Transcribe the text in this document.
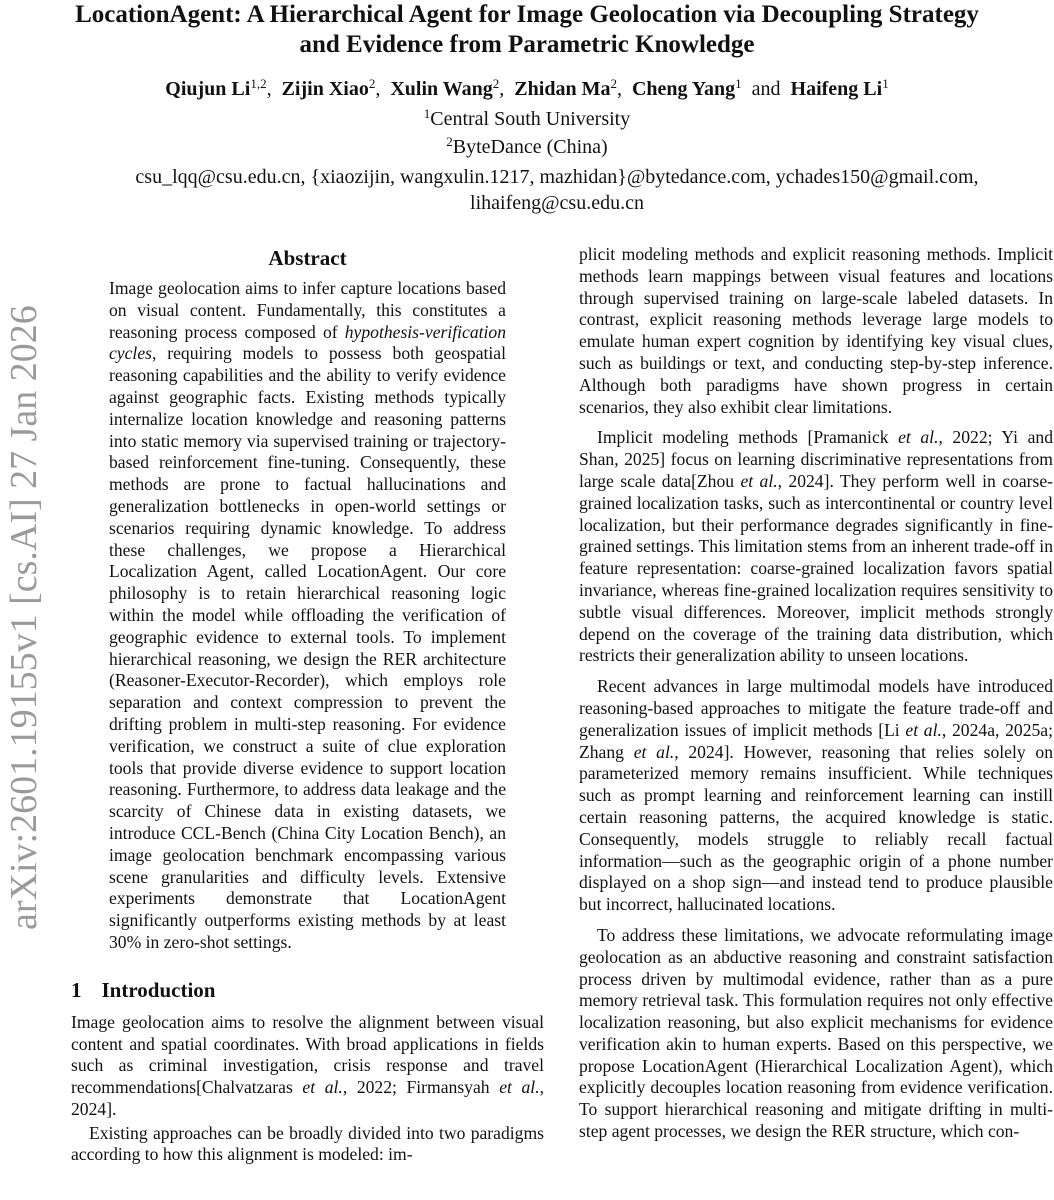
arXiv:2601.19155v1 [cs.AI] 27 Jan 2026
LocationAgent: A Hierarchical Agent for Image Geolocation via Decoupling Strategy and Evidence from Parametric Knowledge
Qiujun Li$^{1,2}$, Zijin Xiao$^2$, Xulin Wang$^2$, Zhidan Ma$^2$, Cheng Yang$^1$ and Haifeng Li$^1$
$^1$Central South University
$^2$ByteDance (China)
csu_lqq@csu.edu.cn, {xiaozijin, wangxulin.1217, mazhidan}@bytedance.com, ychades150@gmail.com,
lihaifeng@csu.edu.cn
Abstract
Image geolocation aims to infer capture locations based on visual content. Fundamentally, this constitutes a reasoning process composed of hypothesis-verification cycles, requiring models to possess both geospatial reasoning capabilities and the ability to verify evidence against geographic facts. Existing methods typically internalize location knowledge and reasoning patterns into static memory via supervised training or trajectory-based reinforcement fine-tuning. Consequently, these methods are prone to factual hallucinations and generalization bottlenecks in open-world settings or scenarios requiring dynamic knowledge. To address these challenges, we propose a Hierarchical Localization Agent, called LocationAgent. Our core philosophy is to retain hierarchical reasoning logic within the model while offloading the verification of geographic evidence to external tools. To implement hierarchical reasoning, we design the RER architecture (Reasoner-Executor-Recorder), which employs role separation and context compression to prevent the drifting problem in multi-step reasoning. For evidence verification, we construct a suite of clue exploration tools that provide diverse evidence to support location reasoning. Furthermore, to address data leakage and the scarcity of Chinese data in existing datasets, we introduce CCL-Bench (China City Location Bench), an image geolocation benchmark encompassing various scene granularities and difficulty levels. Extensive experiments demonstrate that LocationAgent significantly outperforms existing methods by at least 30% in zero-shot settings.
1 Introduction

Image geolocation aims to resolve the alignment between visual content and spatial coordinates. With broad applications in fields such as criminal investigation, crisis response and travel recommendations[Chalvatzaras et al., 2022; Firmansyah et al., 2024].

Existing approaches can be broadly divided into two paradigms according to how this alignment is modeled: im-

plicit modeling methods and explicit reasoning methods. Implicit methods learn mappings between visual features and locations through supervised training on large-scale labeled datasets. In contrast, explicit reasoning methods leverage large models to emulate human expert cognition by identifying key visual clues, such as buildings or text, and conducting step-by-step inference. Although both paradigms have shown progress in certain scenarios, they also exhibit clear limitations.

Implicit modeling methods [Pramanick et al., 2022; Yi and Shan, 2025] focus on learning discriminative representations from large scale data[Zhou et al., 2024]. They perform well in coarse-grained localization tasks, such as intercontinental or country level localization, but their performance degrades significantly in fine-grained settings. This limitation stems from an inherent trade-off in feature representation: coarse-grained localization favors spatial invariance, whereas fine-grained localization requires sensitivity to subtle visual differences. Moreover, implicit methods strongly depend on the coverage of the training data distribution, which restricts their generalization ability to unseen locations.

Recent advances in large multimodal models have introduced reasoning-based approaches to mitigate the feature trade-off and generalization issues of implicit methods [Li et al., 2024a, 2025a; Zhang et al., 2024]. However, reasoning that relies solely on parameterized memory remains insufficient. While techniques such as prompt learning and reinforcement learning can instill certain reasoning patterns, the acquired knowledge is static. Consequently, models struggle to reliably recall factual information—such as the geographic origin of a phone number displayed on a shop sign—and instead tend to produce plausible but incorrect, hallucinated locations.

To address these limitations, we advocate reformulating image geolocation as an abductive reasoning and constraint satisfaction process driven by multimodal evidence, rather than as a pure memory retrieval task. This formulation requires not only effective localization reasoning, but also explicit mechanisms for evidence verification akin to human experts. Based on this perspective, we propose LocationAgent (Hierarchical Localization Agent), which explicitly decouples location reasoning from evidence verification. To support hierarchical reasoning and mitigate drifting in multi-step agent processes, we design the RER structure, which con-
